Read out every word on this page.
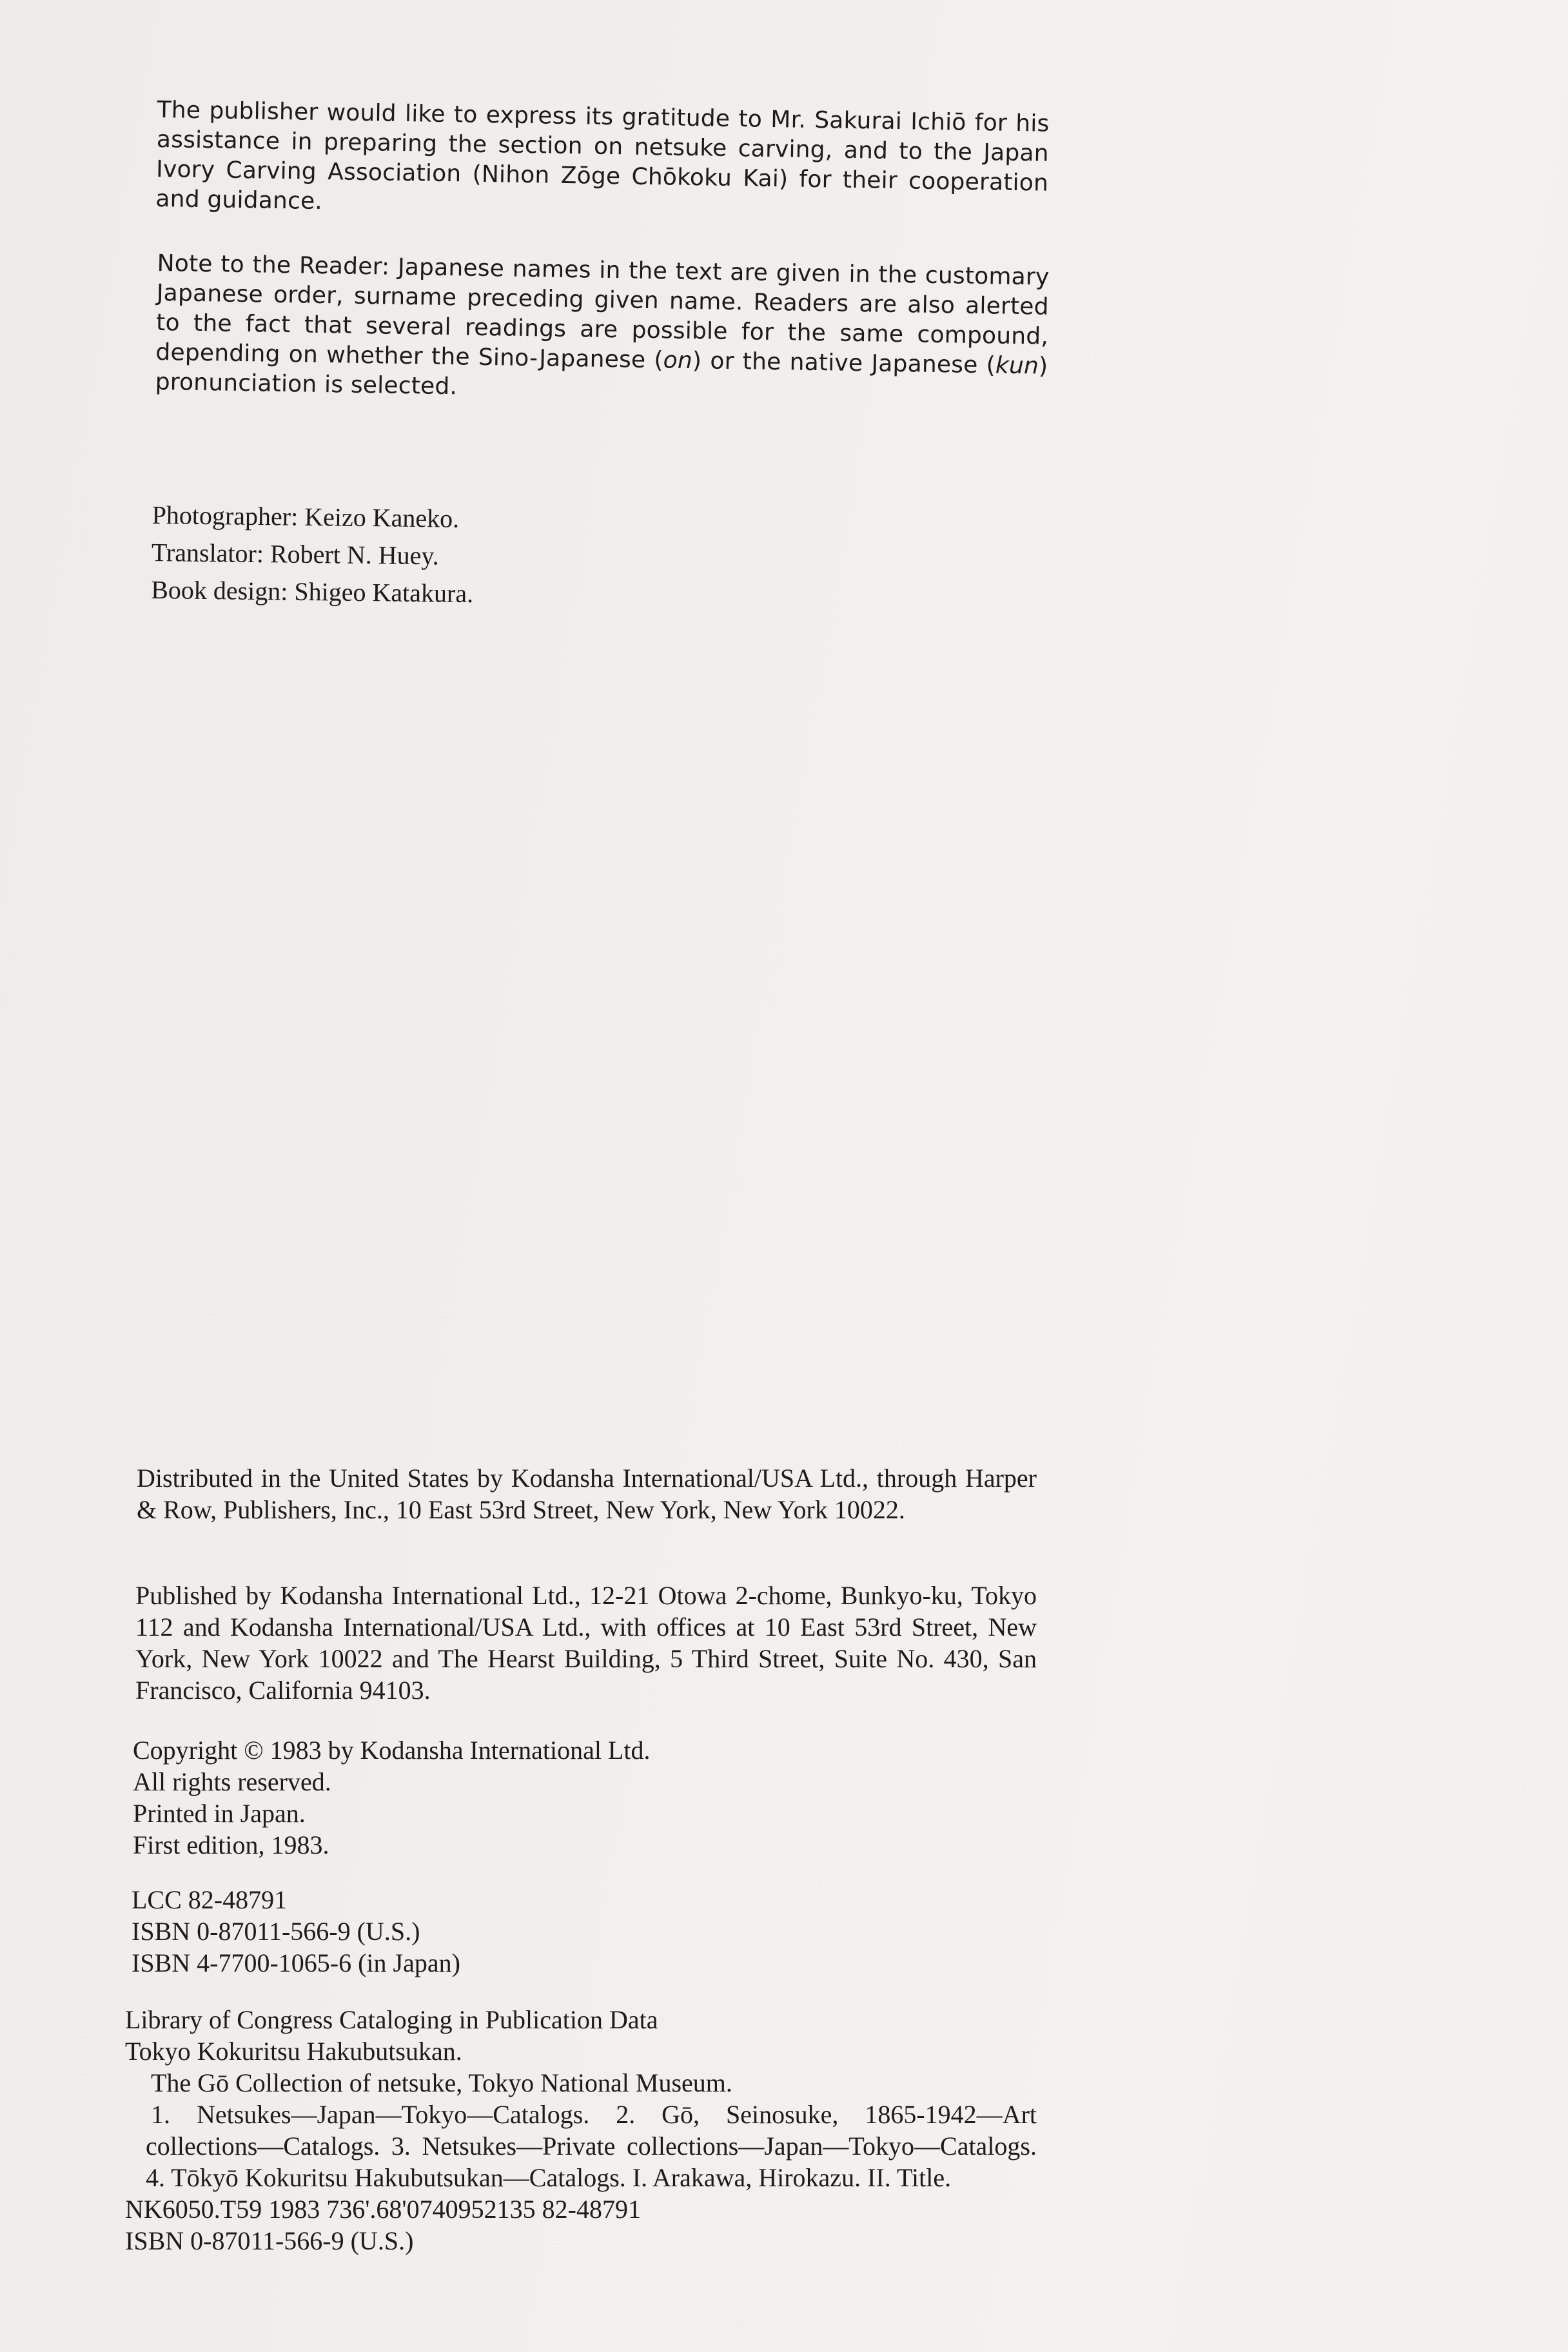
The publisher would like to express its gratitude to Mr. Sakurai Ichiō for his assistance in preparing the section on netsuke carving, and to the Japan Ivory Carving Association (Nihon Zōge Chōkoku Kai) for their cooperation and guidance.

Note to the Reader: Japanese names in the text are given in the customary Japanese order, surname preceding given name. Readers are also alerted to the fact that several readings are possible for the same compound, depending on whether the Sino-Japanese (on) or the native Japanese (kun) pronunciation is selected.

Photographer: Keizo Kaneko.
Translator: Robert N. Huey.
Book design: Shigeo Katakura.

Distributed in the United States by Kodansha International/USA Ltd., through Harper & Row, Publishers, Inc., 10 East 53rd Street, New York, New York 10022.

Published by Kodansha International Ltd., 12-21 Otowa 2-chome, Bunkyo-ku, Tokyo 112 and Kodansha International/USA Ltd., with offices at 10 East 53rd Street, New York, New York 10022 and The Hearst Building, 5 Third Street, Suite No. 430, San Francisco, California 94103.

Copyright © 1983 by Kodansha International Ltd.
All rights reserved.
Printed in Japan.
First edition, 1983.
LCC 82-48791
ISBN 0-87011-566-9 (U.S.)
ISBN 4-7700-1065-6 (in Japan)
Library of Congress Cataloging in Publication Data
Tokyo Kokuritsu Hakubutsukan.
The Gō Collection of netsuke, Tokyo National Museum.

1. Netsukes—Japan—Tokyo—Catalogs. 2. Gō, Seinosuke, 1865-1942—Art collections—Catalogs. 3. Netsukes—Private collections—Japan—Tokyo—Catalogs. 4. Tōkyō Kokuritsu Hakubutsukan—Catalogs. I. Arakawa, Hirokazu. II. Title.

NK6050.T59 1983 736'.68'0740952135 82-48791
ISBN 0-87011-566-9 (U.S.)
